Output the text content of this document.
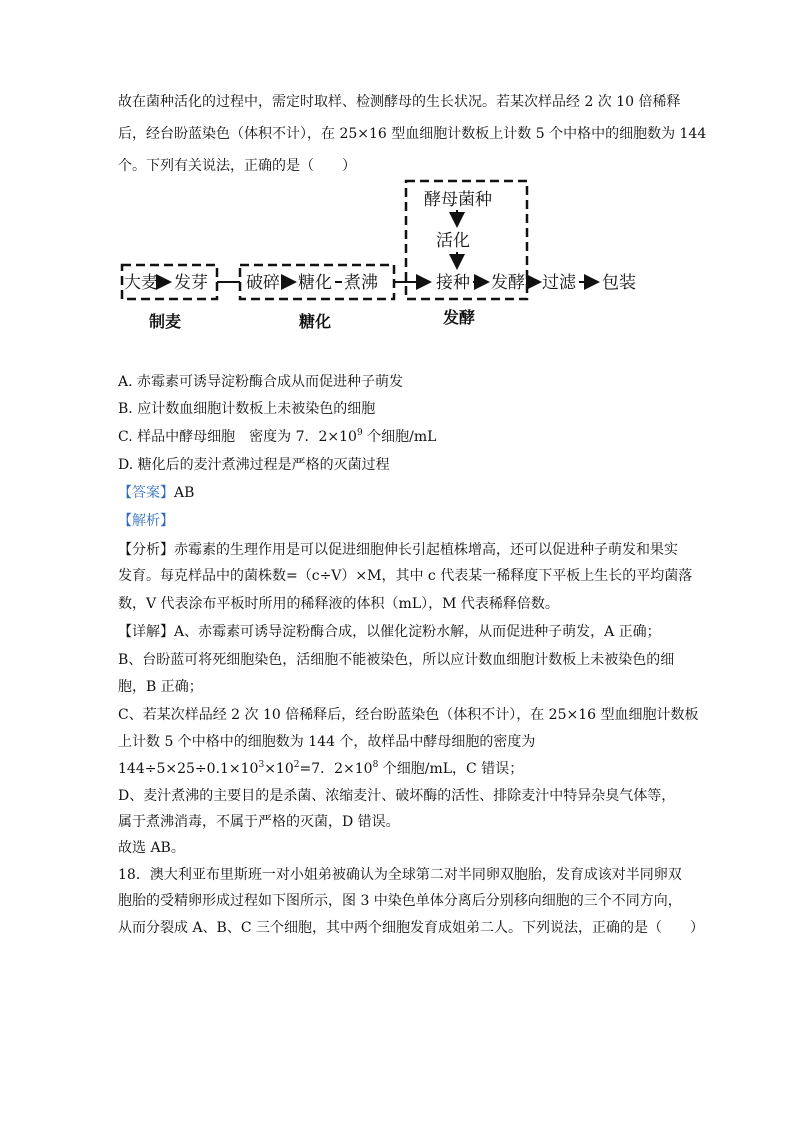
故在菌种活化的过程中，需定时取样、检测酵母的生长状况。若某次样品经 2 次 10 倍稀释
后，经台盼蓝染色（体积不计），在 25×16 型血细胞计数板上计数 5 个中格中的细胞数为 144
个。下列有关说法，正确的是（　　）
大麦 发芽 破碎 糖化 煮沸
酵母菌种
活化
接种 发酵 过滤 包装
制麦	糖化	发酵
A. 赤霉素可诱导淀粉酶合成从而促进种子萌发
B. 应计数血细胞计数板上未被染色的细胞
C. 样品中酵母细胞　密度为 7．$2\times 10^9$ 个细胞/mL
D. 糖化后的麦汁煮沸过程是严格的灭菌过程
【答案】AB
【解析】
【分析】赤霉素的生理作用是可以促进细胞伸长引起植株增高，还可以促进种子萌发和果实
发育。每克样品中的菌株数=（c÷V）×M，其中 c 代表某一稀释度下平板上生长的平均菌落
数，V 代表涂布平板时所用的稀释液的体积（mL），M 代表稀释倍数。
【详解】A、赤霉素可诱导淀粉酶合成，以催化淀粉水解，从而促进种子萌发，A 正确；
B、台盼蓝可将死细胞染色，活细胞不能被染色，所以应计数血细胞计数板上未被染色的细
胞，B 正确；
C、若某次样品经 2 次 10 倍稀释后，经台盼蓝染色（体积不计），在 25×16 型血细胞计数板
上计数 5 个中格中的细胞数为 144 个，故样品中酵母细胞的密度为
$144\div 5\times 25\div 0.1\times 10^3\times 10^2=7$．$2\times 10^8$ 个细胞/mL，C 错误；
D、麦汁煮沸的主要目的是杀菌、浓缩麦汁、破坏酶的活性、排除麦汁中特异杂臭气体等，
属于煮沸消毒，不属于严格的灭菌，D 错误。
故选 AB。
18．澳大利亚布里斯班一对小姐弟被确认为全球第二对半同卵双胞胎，发育成该对半同卵双
胞胎的受精卵形成过程如下图所示，图 3 中染色单体分离后分别移向细胞的三个不同方向，
从而分裂成 A、B、C 三个细胞，其中两个细胞发育成姐弟二人。下列说法，正确的是（　　）
